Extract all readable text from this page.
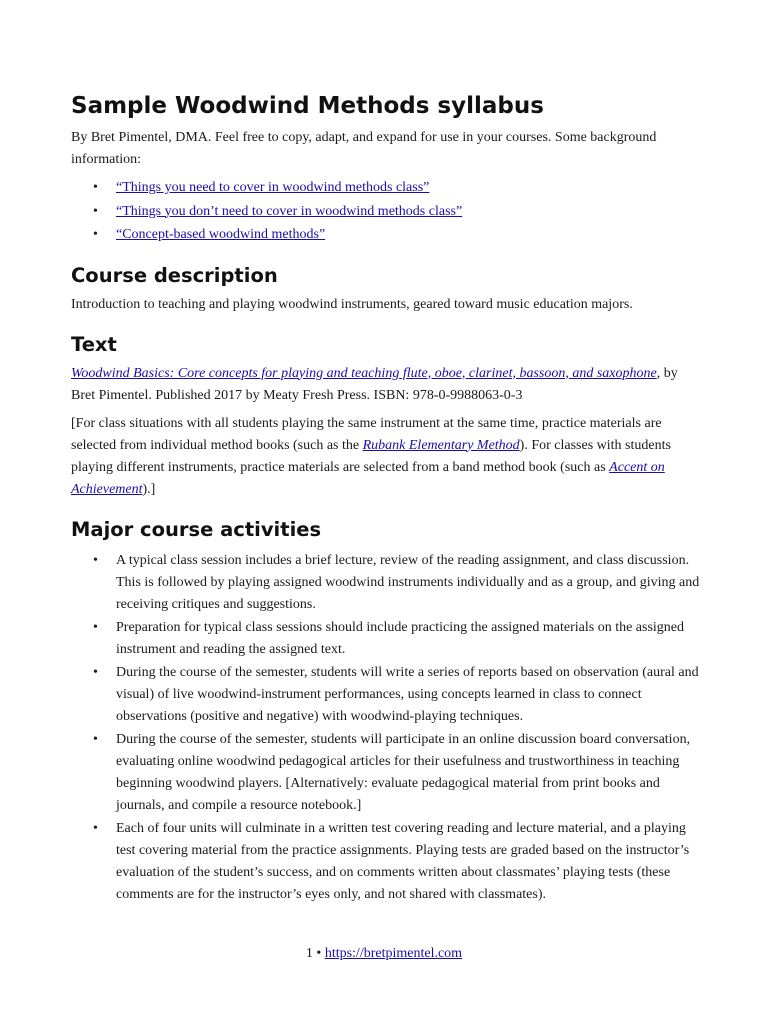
Sample Woodwind Methods syllabus

By Bret Pimentel, DMA. Feel free to copy, adapt, and expand for use in your courses. Some background information:

• “Things you need to cover in woodwind methods class”
• “Things you don’t need to cover in woodwind methods class”
• “Concept-based woodwind methods”
Course description

Introduction to teaching and playing woodwind instruments, geared toward music education majors.

Text

Woodwind Basics: Core concepts for playing and teaching flute, oboe, clarinet, bassoon, and saxophone, by Bret Pimentel. Published 2017 by Meaty Fresh Press. ISBN: 978-0-9988063-0-3

[For class situations with all students playing the same instrument at the same time, practice materials are selected from individual method books (such as the Rubank Elementary Method). For classes with students playing different instruments, practice materials are selected from a band method book (such as Accent on Achievement).]

Major course activities
• A typical class session includes a brief lecture, review of the reading assignment, and class discussion. This is followed by playing assigned woodwind instruments individually and as a group, and giving and receiving critiques and suggestions.
• Preparation for typical class sessions should include practicing the assigned materials on the assigned instrument and reading the assigned text.
• During the course of the semester, students will write a series of reports based on observation (aural and visual) of live woodwind-instrument performances, using concepts learned in class to connect observations (positive and negative) with woodwind-playing techniques.
• During the course of the semester, students will participate in an online discussion board conversation, evaluating online woodwind pedagogical articles for their usefulness and trustworthiness in teaching beginning woodwind players. [Alternatively: evaluate pedagogical material from print books and journals, and compile a resource notebook.]
• Each of four units will culminate in a written test covering reading and lecture material, and a playing test covering material from the practice assignments. Playing tests are graded based on the instructor’s evaluation of the student’s success, and on comments written about classmates’ playing tests (these comments are for the instructor’s eyes only, and not shared with classmates).
1 • https://bretpimentel.com
